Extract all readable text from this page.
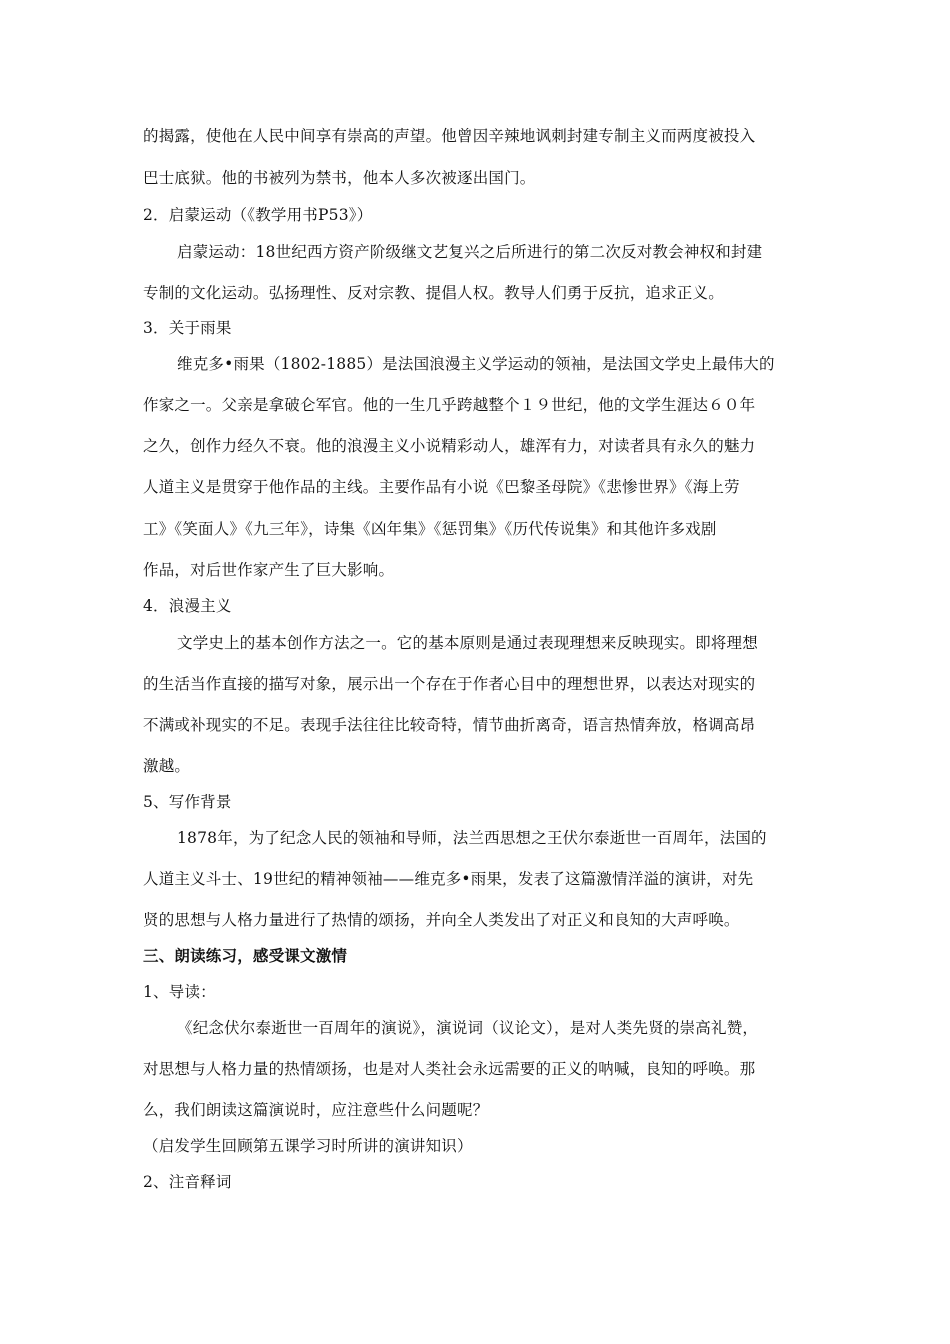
的揭露，使他在人民中间享有崇高的声望。他曾因辛辣地讽刺封建专制主义而两度被投入
巴士底狱。他的书被列为禁书，他本人多次被逐出国门。
2．启蒙运动（《教学用书P53》）
启蒙运动：18世纪西方资产阶级继文艺复兴之后所进行的第二次反对教会神权和封建
专制的文化运动。弘扬理性、反对宗教、提倡人权。教导人们勇于反抗，追求正义。
3．关于雨果
维克多•雨果（1802-1885）是法国浪漫主义学运动的领袖，是法国文学史上最伟大的
作家之一。父亲是拿破仑军官。他的一生几乎跨越整个１９世纪，他的文学生涯达６０年
之久，创作力经久不衰。他的浪漫主义小说精彩动人，雄浑有力，对读者具有永久的魅力
人道主义是贯穿于他作品的主线。主要作品有小说《巴黎圣母院》《悲惨世界》《海上劳
工》《笑面人》《九三年》，诗集《凶年集》《惩罚集》《历代传说集》和其他许多戏剧
作品，对后世作家产生了巨大影响。
4．浪漫主义
文学史上的基本创作方法之一。它的基本原则是通过表现理想来反映现实。即将理想
的生活当作直接的描写对象，展示出一个存在于作者心目中的理想世界，以表达对现实的
不满或补现实的不足。表现手法往往比较奇特，情节曲折离奇，语言热情奔放，格调高昂
激越。
5、写作背景
1878年，为了纪念人民的领袖和导师，法兰西思想之王伏尔泰逝世一百周年，法国的
人道主义斗士、19世纪的精神领袖——维克多•雨果，发表了这篇激情洋溢的演讲，对先
贤的思想与人格力量进行了热情的颂扬，并向全人类发出了对正义和良知的大声呼唤。
三、朗读练习，感受课文激情
1、导读：
《纪念伏尔泰逝世一百周年的演说》，演说词（议论文），是对人类先贤的崇高礼赞，
对思想与人格力量的热情颂扬，也是对人类社会永远需要的正义的呐喊，良知的呼唤。那
么，我们朗读这篇演说时，应注意些什么问题呢？
（启发学生回顾第五课学习时所讲的演讲知识）
2、注音释词
